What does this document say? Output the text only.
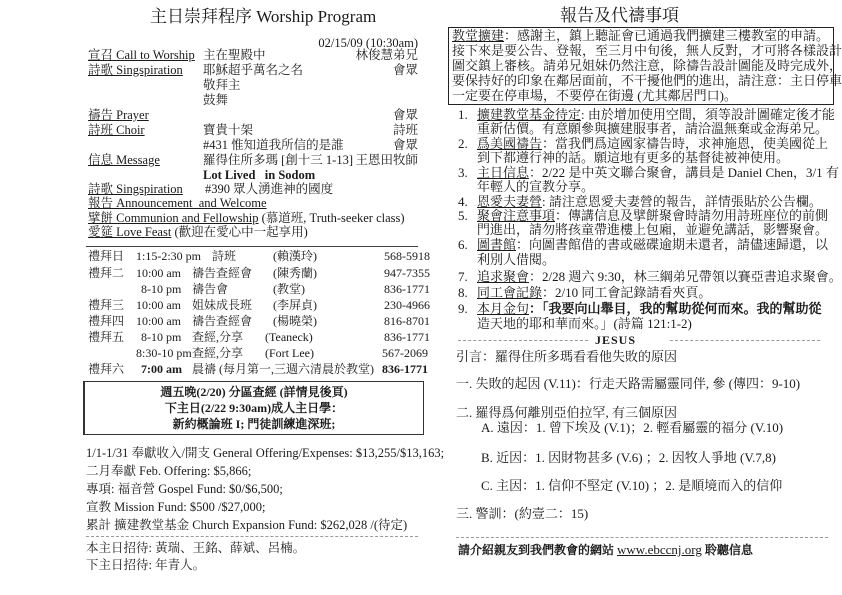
主日崇拜程序 Worship Program
02/15/09 (10:30am)
宣召 Call to Worship 主在聖殿中	林俊慧弟兄
詩歌 Singspiration 耶穌超乎萬名之名	會眾
敬拜主
鼓舞
禱告 Prayer	會眾
詩班 Choir	寶貴十架	詩班
#431 惟知道我所信的是誰	會眾
信息 Message	羅得住所多瑪 [創十三 1-13] 王恩田牧師
Lot Lived   in Sodom
詩歌 Singspiration #390 眾人湧進神的國度
報告 Announcement  and Welcome
擘餅 Communion and Fellowship (慕道班, Truth-seeker class)
愛筵 Love Feast (歡迎在愛心中一起享用)
禮拜日 1:15-2:30 pm 詩班	(賴漢玲)	568-5918
禮拜二 10:00 am 禱告查經會 (陳秀蘭)	947-7355
8-10 pm 禱告會	(教堂)	836-1771
禮拜三 10:00 am 姐妹成長班 (李屏貞)	230-4966
禮拜四 10:00 am 禱告查經會 (楊曉榮)	816-8701
禮拜五 8-10 pm 查經,分享 (Teaneck)	836-1771
8:30-10 pm 查經,分享 (Fort Lee)	567-2069
禮拜六 7:00 am 晨禱 (每月第一,三週六清晨於教堂) 836-1771
週五晚(2/20) 分區查經 (詳情見後頁)
下主日(2/22 9:30am)成人主日學：
新約概論班 I; 門徒訓練進深班;
1/1-1/31 奉獻收入/開支 General Offering/Expenses: $13,255/$13,163;
二月奉獻 Feb. Offering: $5,866;
專項: 福音營 Gospel Fund: $0/$6,500;
宣教 Mission Fund: $500 /$27,000;
累計 擴建教堂基金 Church Expansion Fund: $262,028 /(待定)
本主日招待: 黃瑞、王銘、薛斌、呂楠。
下主日招待: 年青人。
報告及代禱事項
教堂擴建：感謝主，鎮上聽証會已通過我們擴建三樓教室的申請。
接下來是要公告、登報，至三月中旬後，無人反對，才可將各樣設計
圖交鎮上審核。請弟兄姐妹仍然注意，除禱告設計圖能及時完成外，
要保持好的印象在鄰居面前，不干擾他們的進出，請注意：主日停車
一定要在停車場，不要停在街邊 (尤其鄰居門口)。
1. 擴建教堂基金待定: 由於增加使用空間，須等設計圖確定後才能
重新估價。有意願參與擴建服事者，請洽溫無棄或金海弟兄。
2. 爲美國禱告：當我們爲這國家禱告時，求神施恩，使美國從上
到下都遵行神的話。願這地有更多的基督徒被神使用。
3. 主日信息：2/22 是中英文聯合聚會，講員是 Daniel Chen，3/1 有
年輕人的宣教分享。
4. 恩愛夫妻營: 請注意恩愛夫妻營的報告，詳情張貼於公告欄。
5. 聚會注意事項：傳講信息及擘餅聚會時請勿用詩班座位的前側
門進出，請勿將孩童帶進樓上包廂，並避免講話，影響聚會。
6. 圖書館：向圖書館借的書或磁碟逾期未還者，請儘速歸還，以
利別人借閱。
7. 追求聚會：2/28 週六 9:30，林三綱弟兄帶領以賽亞書追求聚會。
8. 同工會記錄：2/10 同工會記錄請看夾頁。
9. 本月金句：「我要向山舉目，我的幫助從何而來。我的幫助從
造天地的耶和華而來。」(詩篇 121:1-2)
JESUS
引言：羅得住所多瑪看看他失敗的原因
一. 失敗的起因 (V.11)：行走天路需屬靈同伴, 參 (傳四：9-10)
二. 羅得爲何離別亞伯拉罕, 有三個原因
A. 遠因：1. 曾下埃及 (V.1)；2. 輕看屬靈的福分 (V.10)
B. 近因：1. 因財物甚多 (V.6) ；2. 因牧人爭地 (V.7,8)
C. 主因：1. 信仰不堅定 (V.10) ；2. 是順境而入的信仰
三. 警訓：(約壹二：15)
請介紹親友到我們教會的網站 www.ebccnj.org 聆聽信息
